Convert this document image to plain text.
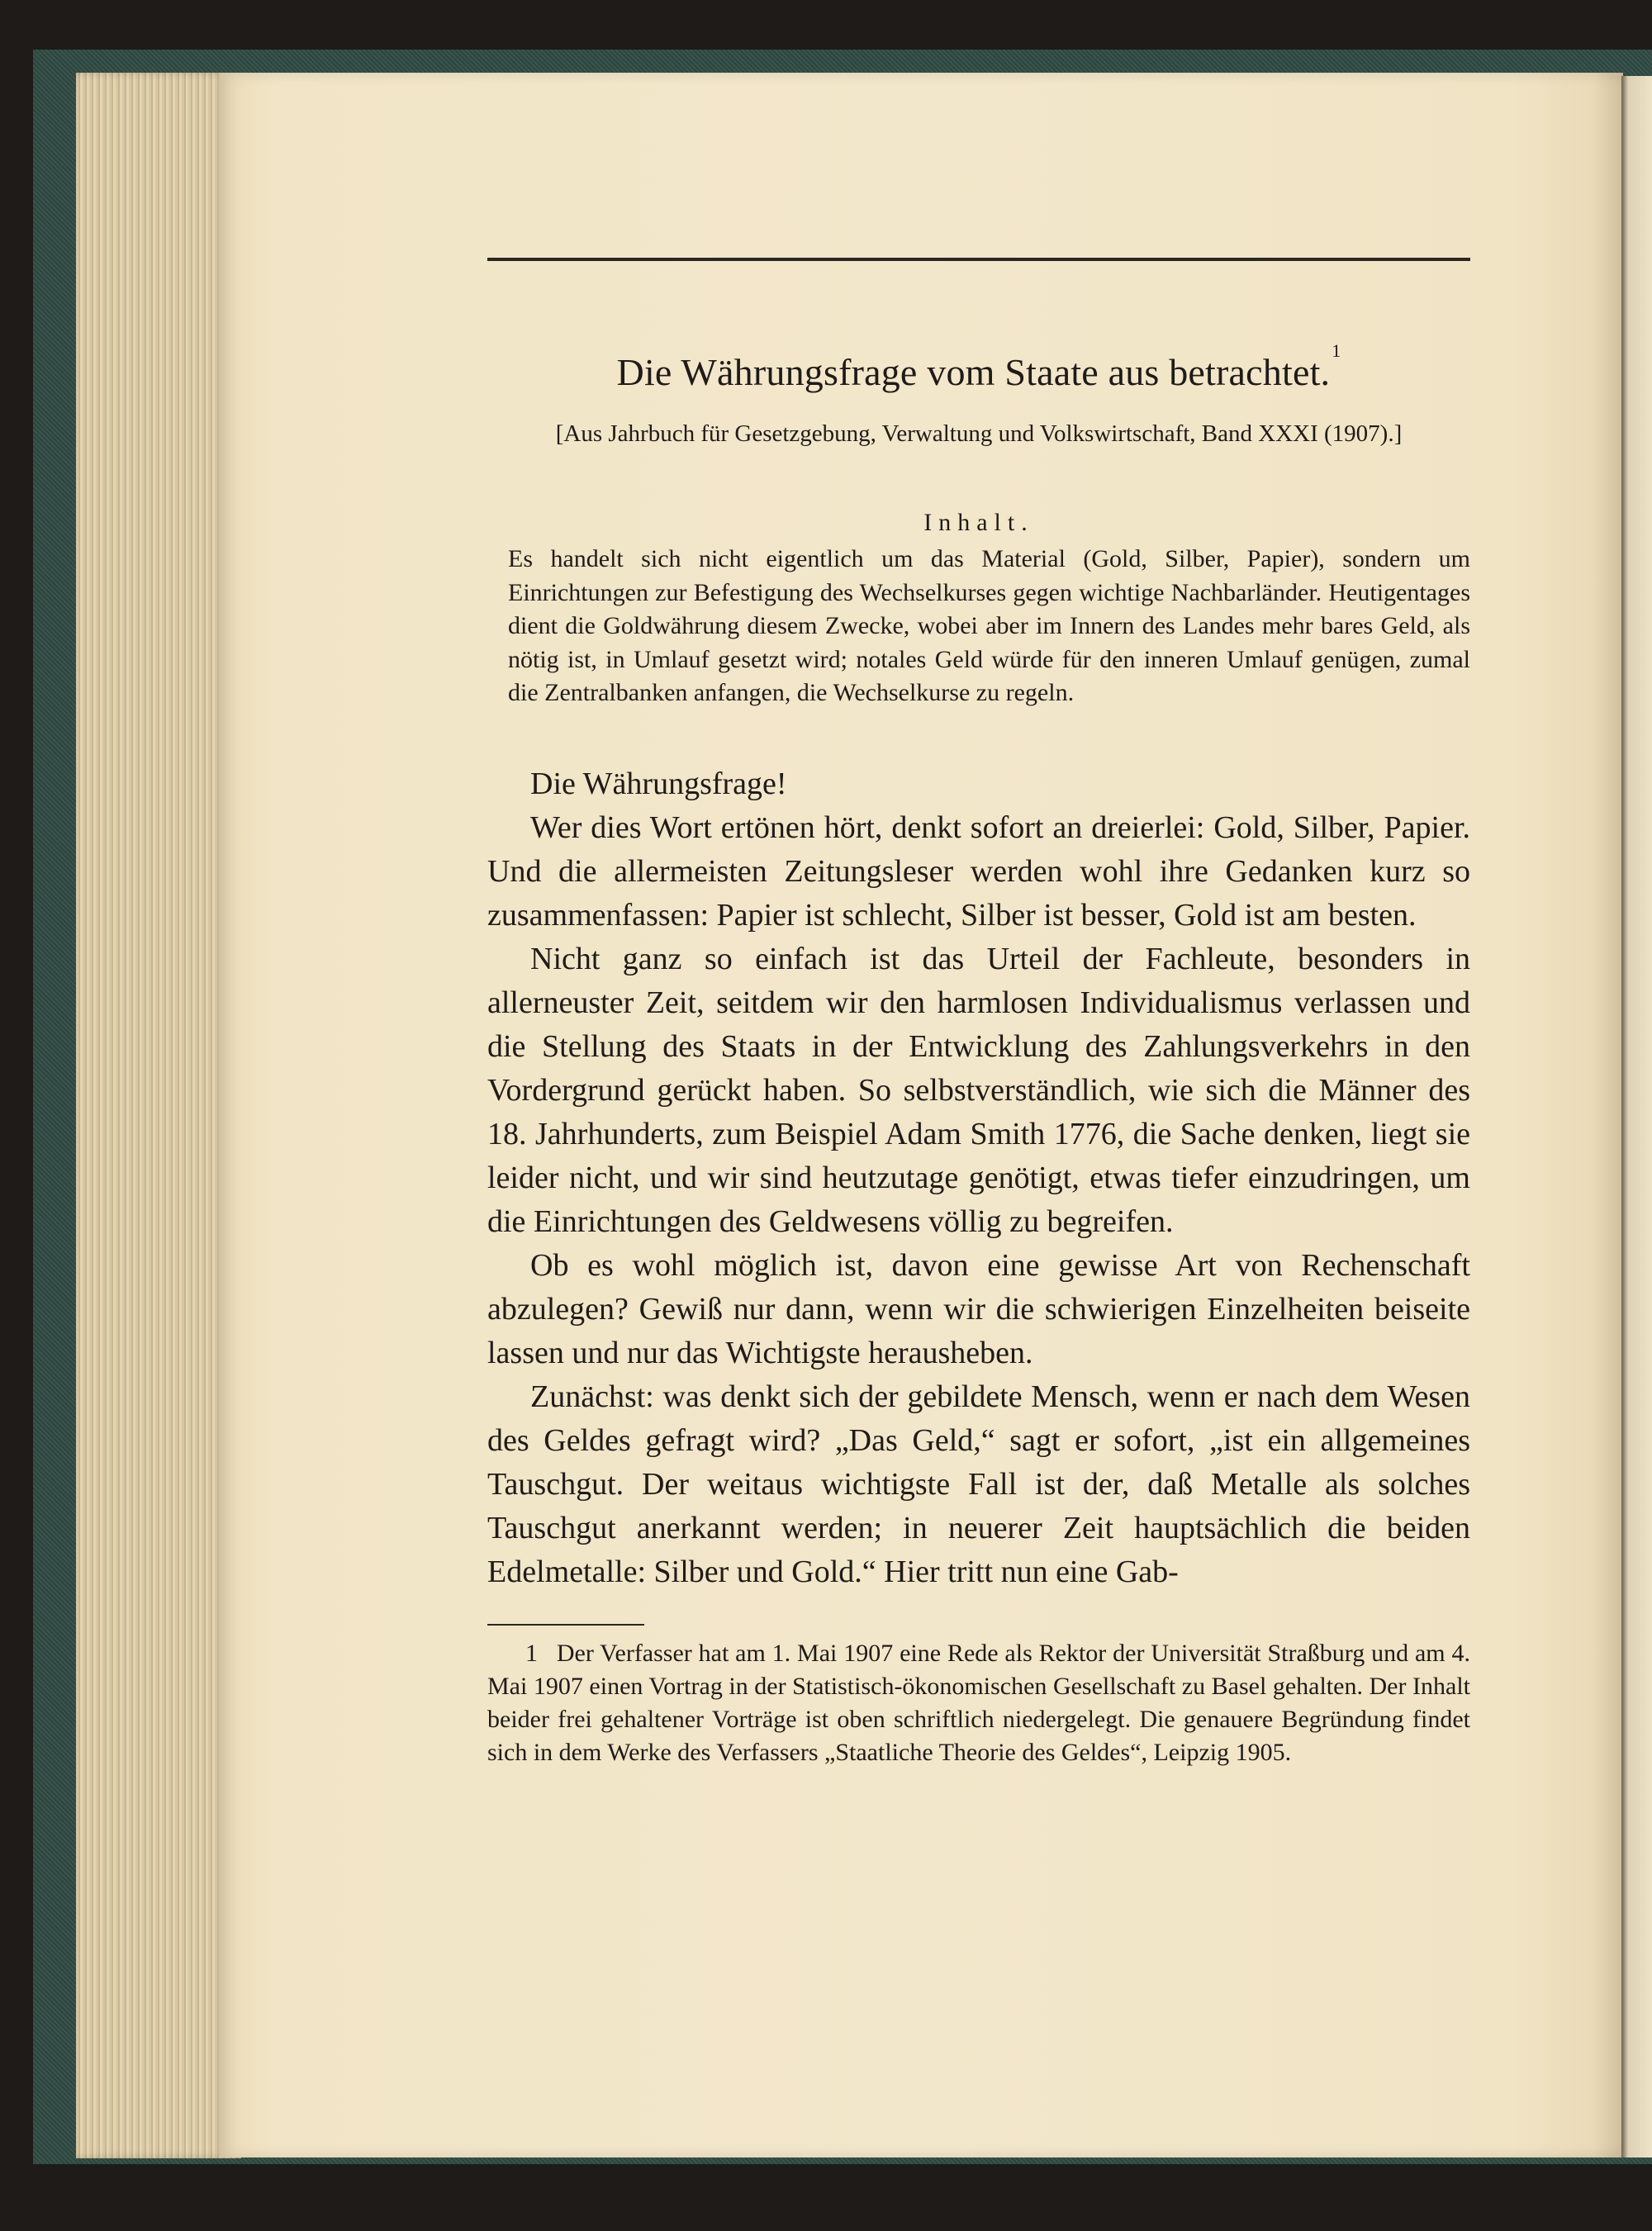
Die Währungsfrage vom Staate aus betrachtet.$^1$
[Aus Jahrbuch für Gesetzgebung, Verwaltung und Volkswirtschaft, Band XXXI (1907).]
Inhalt.
Es handelt sich nicht eigentlich um das Material (Gold, Silber, Papier), sondern um Einrichtungen zur Befestigung des Wechselkurses gegen wichtige Nachbarländer. Heutigentages dient die Goldwährung diesem Zwecke, wobei aber im Innern des Landes mehr bares Geld, als nötig ist, in Umlauf gesetzt wird; notales Geld würde für den inneren Umlauf genügen, zumal die Zentralbanken anfangen, die Wechselkurse zu regeln.

Die Währungsfrage!

Wer dies Wort ertönen hört, denkt sofort an dreierlei: Gold, Silber, Papier. Und die allermeisten Zeitungsleser werden wohl ihre Gedanken kurz so zusammenfassen: Papier ist schlecht, Silber ist besser, Gold ist am besten.

Nicht ganz so einfach ist das Urteil der Fachleute, besonders in allerneuster Zeit, seitdem wir den harmlosen Individualismus verlassen und die Stellung des Staats in der Entwicklung des Zahlungsverkehrs in den Vordergrund gerückt haben. So selbstverständlich, wie sich die Männer des 18. Jahrhunderts, zum Beispiel Adam Smith 1776, die Sache denken, liegt sie leider nicht, und wir sind heutzutage genötigt, etwas tiefer einzudringen, um die Einrichtungen des Geldwesens völlig zu begreifen.

Ob es wohl möglich ist, davon eine gewisse Art von Rechenschaft abzulegen? Gewiß nur dann, wenn wir die schwierigen Einzelheiten beiseite lassen und nur das Wichtigste herausheben.

Zunächst: was denkt sich der gebildete Mensch, wenn er nach dem Wesen des Geldes gefragt wird? „Das Geld,“ sagt er sofort, „ist ein allgemeines Tauschgut. Der weitaus wichtigste Fall ist der, daß Metalle als solches Tauschgut anerkannt werden; in neuerer Zeit hauptsächlich die beiden Edelmetalle: Silber und Gold.“ Hier tritt nun eine Gab-

1 Der Verfasser hat am 1. Mai 1907 eine Rede als Rektor der Universität Straßburg und am 4. Mai 1907 einen Vortrag in der Statistisch-ökonomischen Gesellschaft zu Basel gehalten. Der Inhalt beider frei gehaltener Vorträge ist oben schriftlich niedergelegt. Die genauere Begründung findet sich in dem Werke des Verfassers „Staatliche Theorie des Geldes“, Leipzig 1905.
